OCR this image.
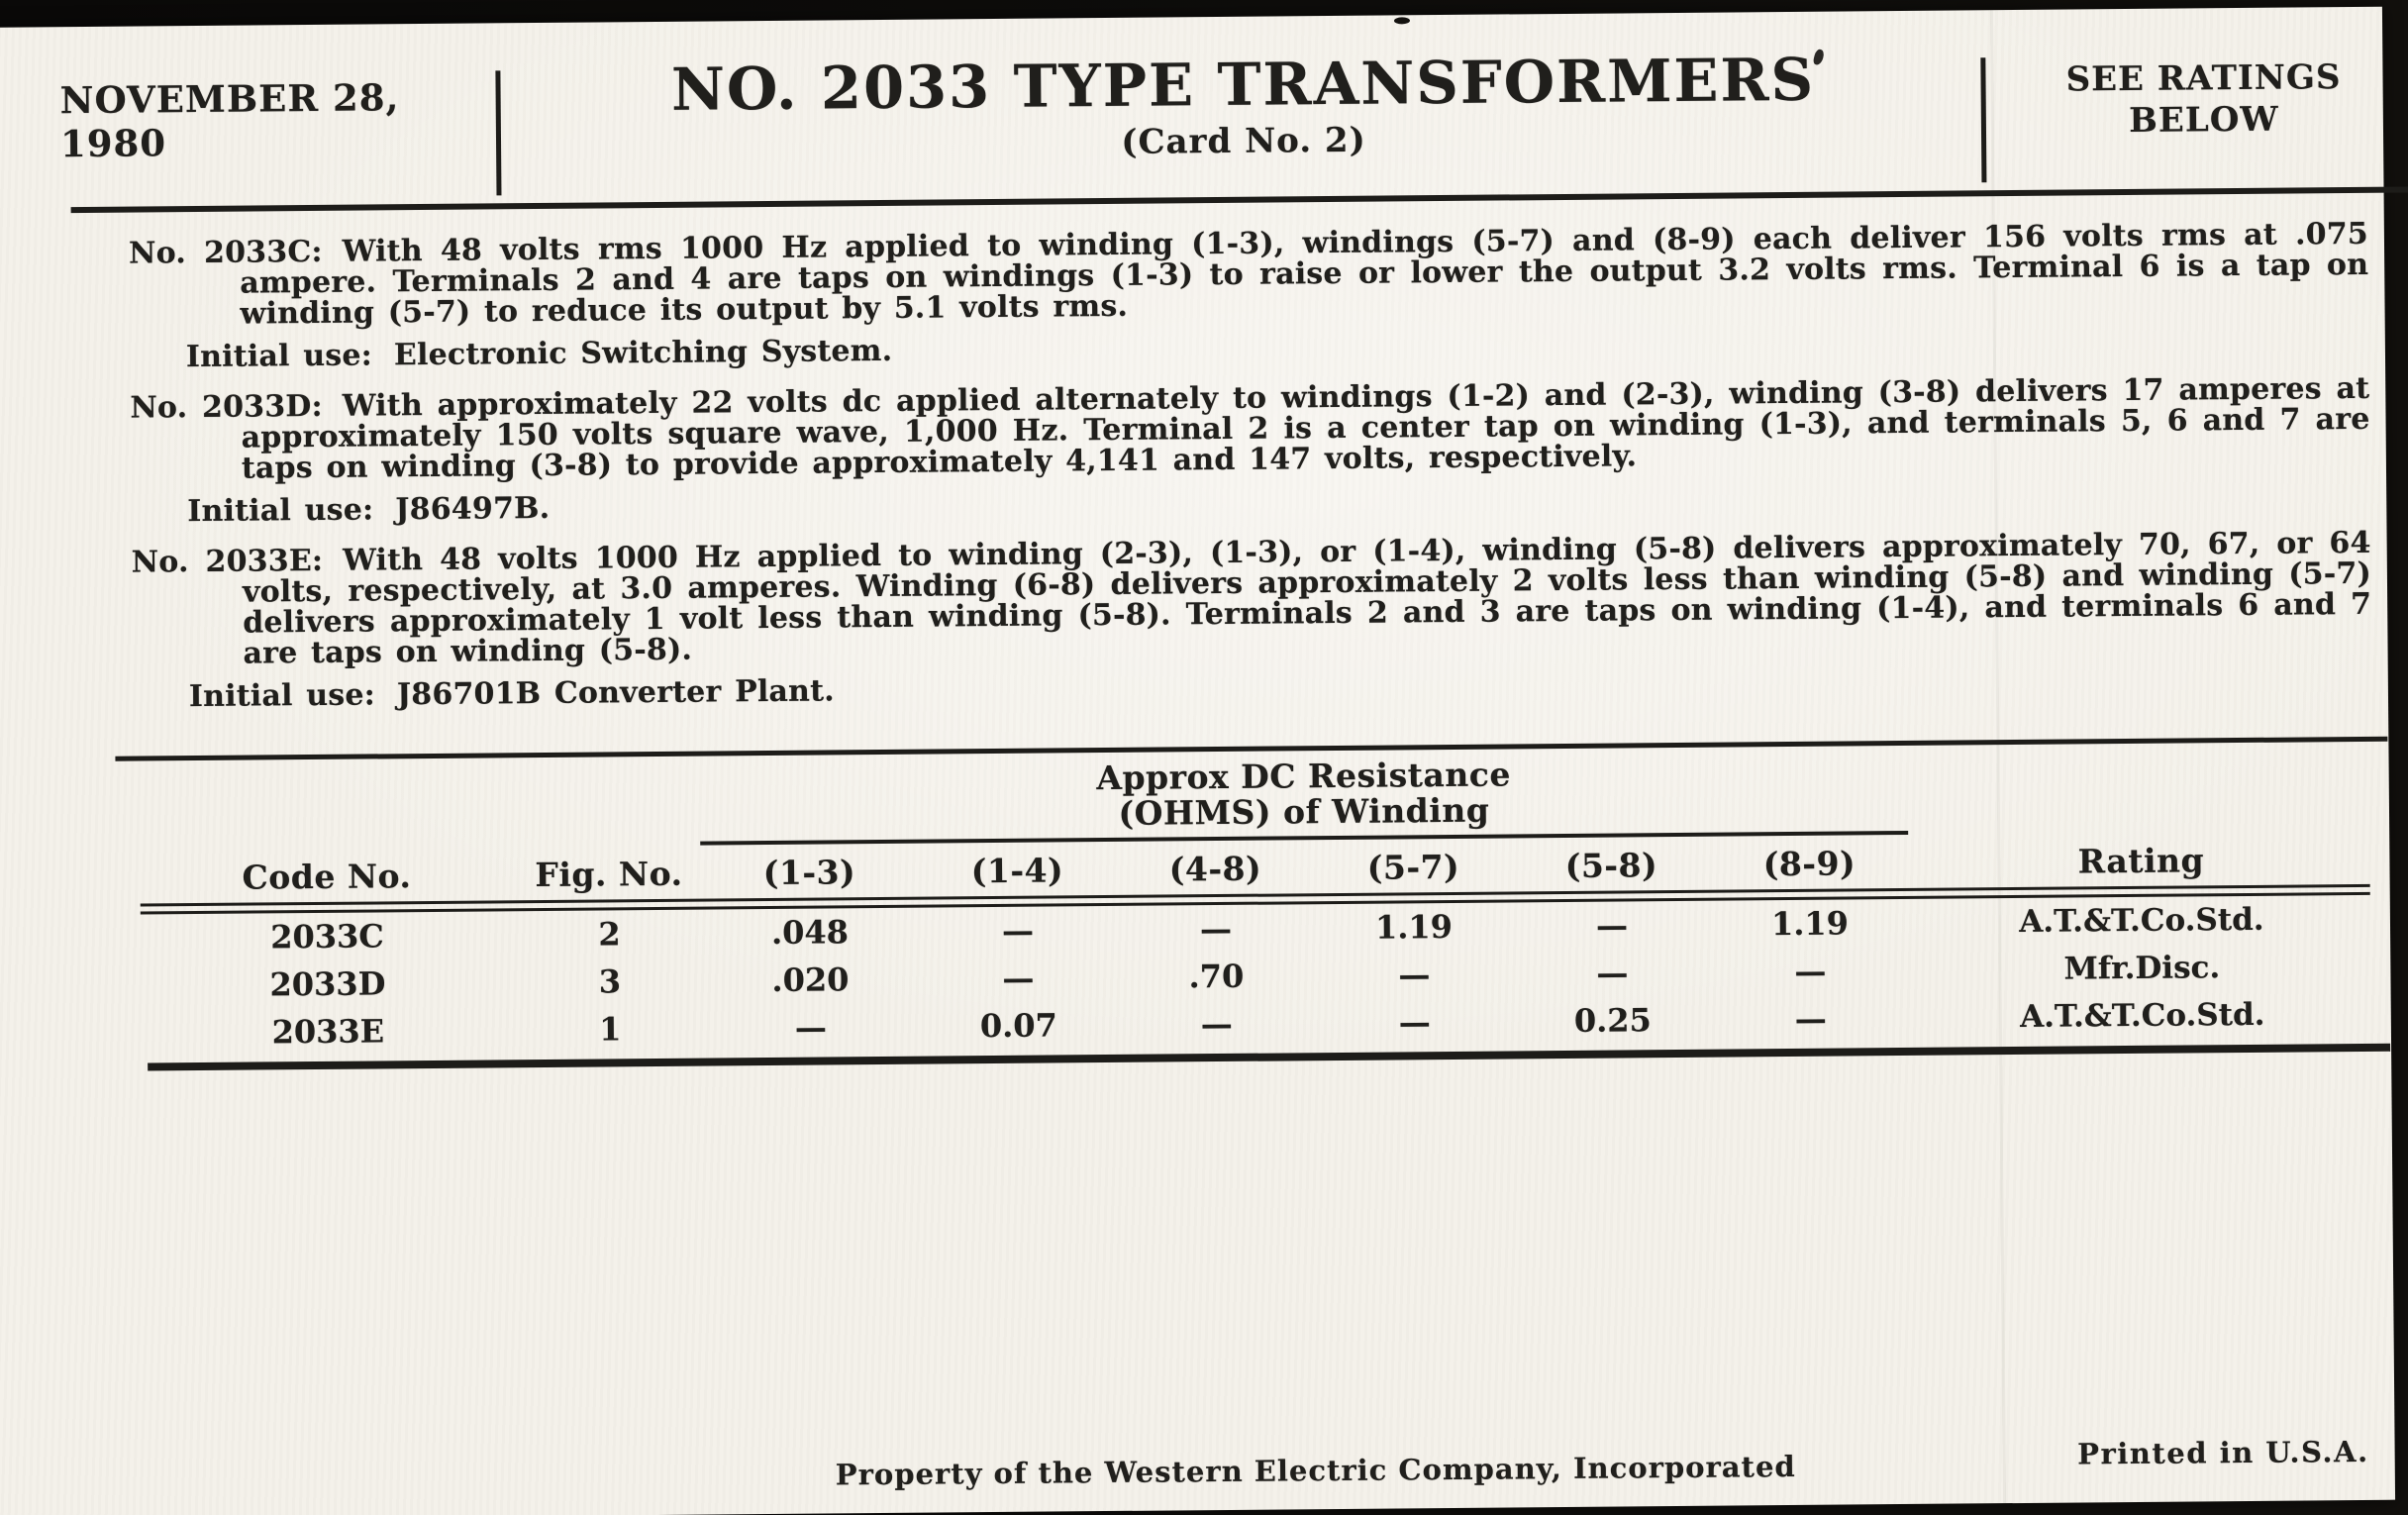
NOVEMBER 28, 1980
NO. 2033 TYPE TRANSFORMERS
(Card No. 2)
SEE RATINGS
BELOW

No. 2033C: With 48 volts rms 1000 Hz applied to winding (1-3), windings (5-7) and (8-9) each deliver 156 volts rms at .075 ampere. Terminals 2 and 4 are taps on windings (1-3) to raise or lower the output 3.2 volts rms. Terminal 6 is a tap on winding (5-7) to reduce its output by 5.1 volts rms.

Initial use: Electronic Switching System.

No. 2033D: With approximately 22 volts dc applied alternately to windings (1-2) and (2-3), winding (3-8) delivers 17 amperes at approximately 150 volts square wave, 1,000 Hz. Terminal 2 is a center tap on winding (1-3), and terminals 5, 6 and 7 are taps on winding (3-8) to provide approximately 4,141 and 147 volts, respectively.

Initial use: J86497B.

No. 2033E: With 48 volts 1000 Hz applied to winding (2-3), (1-3), or (1-4), winding (5-8) delivers approximately 70, 67, or 64 volts, respectively, at 3.0 amperes. Winding (6-8) delivers approximately 2 volts less than winding (5-8) and winding (5-7) delivers approximately 1 volt less than winding (5-8). Terminals 2 and 3 are taps on winding (1-4), and terminals 6 and 7 are taps on winding (5-8).

Initial use: J86701B Converter Plant.

Approx DC Resistance
(OHMS) of Winding
Code No.	Fig. No.	(1-3)	(1-4)	(4-8)	(5-7)	(5-8)	(8-9)	Rating
2033C	2	.048	—	—	1.19	—	1.19	A.T.&T.Co.Std.
2033D	3	.020	—	.70	—	—	—	Mfr.Disc.
2033E	1	—	0.07	—	—	0.25	—	A.T.&T.Co.Std.
Property of the Western Electric Company, Incorporated	Printed in U.S.A.
